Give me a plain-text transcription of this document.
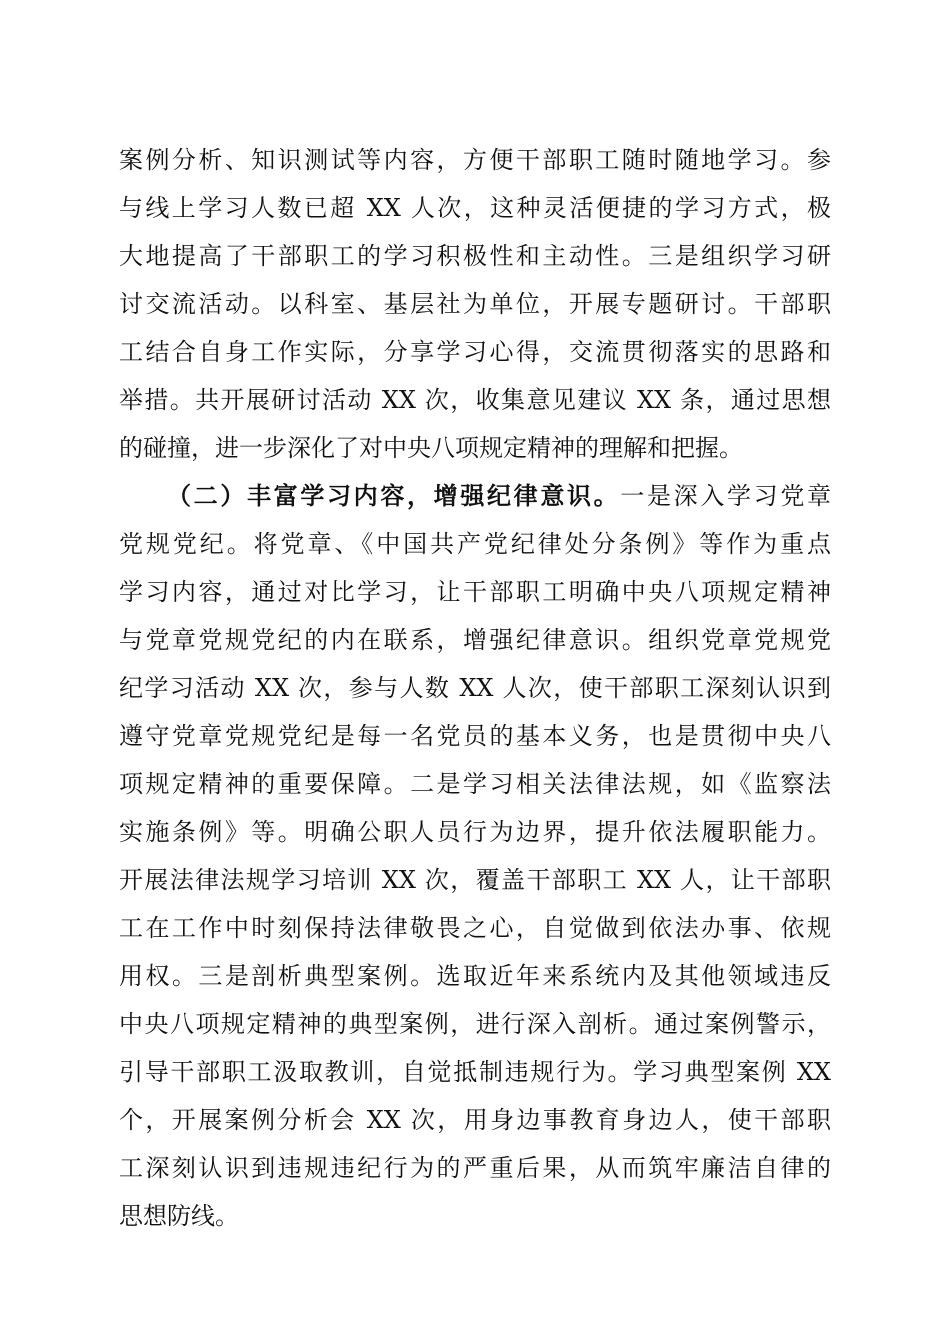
案例分析、知识测试等内容，方便干部职工随时随地学习。参
与线上学习人数已超 XX 人次，这种灵活便捷的学习方式，极
大地提高了干部职工的学习积极性和主动性。三是组织学习研
讨交流活动。以科室、基层社为单位，开展专题研讨。干部职
工结合自身工作实际，分享学习心得，交流贯彻落实的思路和
举措。共开展研讨活动 XX 次，收集意见建议 XX 条，通过思想
的碰撞，进一步深化了对中央八项规定精神的理解和把握。
（二）丰富学习内容，增强纪律意识。一是深入学习党章
党规党纪。将党章、《中国共产党纪律处分条例》等作为重点
学习内容，通过对比学习，让干部职工明确中央八项规定精神
与党章党规党纪的内在联系，增强纪律意识。组织党章党规党
纪学习活动 XX 次，参与人数 XX 人次，使干部职工深刻认识到
遵守党章党规党纪是每一名党员的基本义务，也是贯彻中央八
项规定精神的重要保障。二是学习相关法律法规，如《监察法
实施条例》等。明确公职人员行为边界，提升依法履职能力。
开展法律法规学习培训 XX 次，覆盖干部职工 XX 人，让干部职
工在工作中时刻保持法律敬畏之心，自觉做到依法办事、依规
用权。三是剖析典型案例。选取近年来系统内及其他领域违反
中央八项规定精神的典型案例，进行深入剖析。通过案例警示，
引导干部职工汲取教训，自觉抵制违规行为。学习典型案例 XX
个，开展案例分析会 XX 次，用身边事教育身边人，使干部职
工深刻认识到违规违纪行为的严重后果，从而筑牢廉洁自律的
思想防线。
